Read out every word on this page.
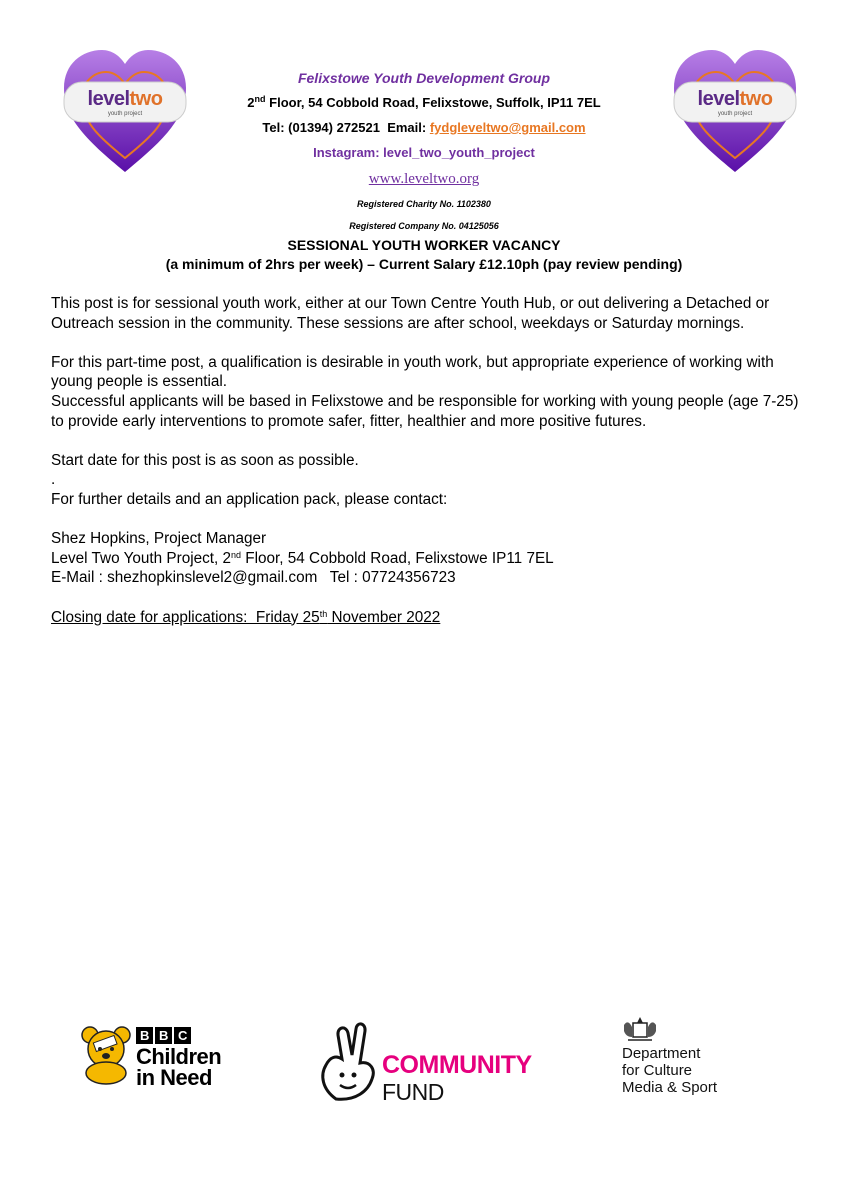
leveltwo
youth project
leveltwo
youth project
Felixstowe Youth Development Group
2nd Floor, 54 Cobbold Road, Felixstowe, Suffolk, IP11 7EL
Tel: (01394) 272521  Email: fydgleveltwo@gmail.com
Instagram: level_two_youth_project
www.leveltwo.org
Registered Charity No. 1102380
Registered Company No. 04125056
SESSIONAL YOUTH WORKER VACANCY
(a minimum of 2hrs per week) – Current Salary £12.10ph (pay review pending)

This post is for sessional youth work, either at our Town Centre Youth Hub, or out delivering a Detached or Outreach session in the community. These sessions are after school, weekdays or Saturday mornings.

For this part-time post, a qualification is desirable in youth work, but appropriate experience of working with young people is essential.

Successful applicants will be based in Felixstowe and be responsible for working with young people (age 7-25) to provide early interventions to promote safer, fitter, healthier and more positive futures.

Start date for this post is as soon as possible.

.

For further details and an application pack, please contact:

Shez Hopkins, Project Manager

Level Two Youth Project, 2nd Floor, 54 Cobbold Road, Felixstowe IP11 7EL

E-Mail : shezhopkinslevel2@gmail.com   Tel : 07724356723

Closing date for applications:  Friday 25th November 2022

B B C
Children
in Need	COMMUNITY
FUND
Department
for Culture
Media & Sport
